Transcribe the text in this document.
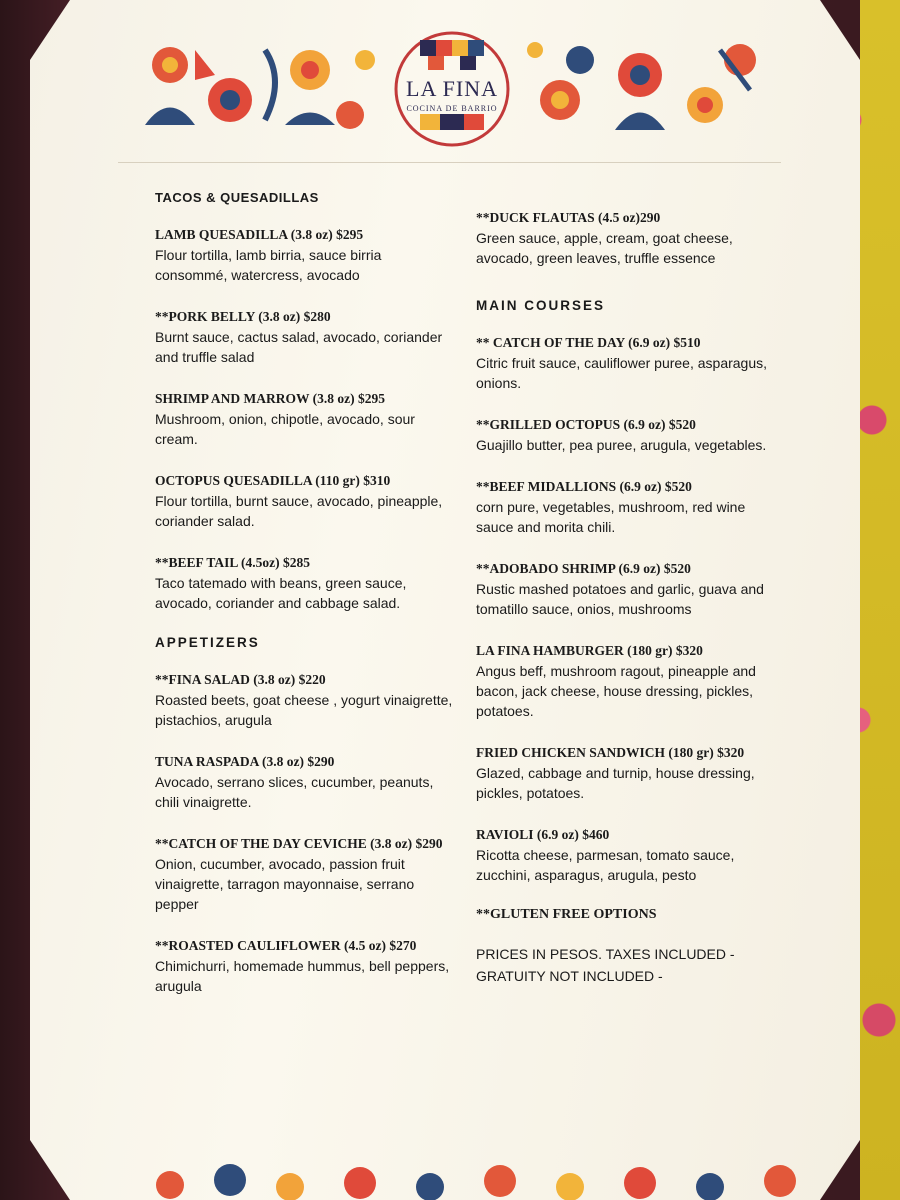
LA FINA
COCINA DE BARRIO
TACOS & QUESADILLAS
LAMB QUESADILLA (3.8 oz) $295
Flour tortilla, lamb birria, sauce birria consommé, watercress, avocado
**PORK BELLY (3.8 oz) $280
Burnt sauce, cactus salad, avocado, coriander and truffle salad
SHRIMP AND MARROW (3.8 oz) $295
Mushroom, onion, chipotle, avocado, sour cream.
OCTOPUS QUESADILLA (110 gr) $310
Flour tortilla, burnt sauce, avocado, pineapple, coriander salad.
**BEEF TAIL (4.5oz) $285
Taco tatemado with beans, green sauce, avocado, coriander and cabbage salad.
APPETIZERS
**FINA SALAD (3.8 oz) $220
Roasted beets, goat cheese , yogurt vinaigrette, pistachios, arugula
TUNA RASPADA (3.8 oz) $290
Avocado, serrano slices, cucumber, peanuts, chili vinaigrette.
**CATCH OF THE DAY CEVICHE (3.8 oz) $290
Onion, cucumber, avocado, passion fruit vinaigrette, tarragon mayonnaise, serrano pepper
**ROASTED CAULIFLOWER (4.5 oz) $270
Chimichurri, homemade hummus, bell peppers, arugula
**DUCK FLAUTAS (4.5 oz)290
Green sauce, apple, cream, goat cheese, avocado, green leaves, truffle essence
MAIN COURSES
** CATCH OF THE DAY (6.9 oz) $510
Citric fruit sauce, cauliflower puree, asparagus, onions.
**GRILLED OCTOPUS (6.9 oz) $520
Guajillo butter, pea puree, arugula, vegetables.
**BEEF MIDALLIONS (6.9 oz) $520
corn pure, vegetables, mushroom, red wine sauce and morita chili.
**ADOBADO SHRIMP (6.9 oz) $520
Rustic mashed potatoes and garlic, guava and tomatillo sauce, onios, mushrooms
LA FINA HAMBURGER (180 gr) $320
Angus beff, mushroom ragout, pineapple and bacon, jack cheese, house dressing, pickles, potatoes.
FRIED CHICKEN SANDWICH (180 gr) $320
Glazed, cabbage and turnip, house dressing, pickles, potatoes.
RAVIOLI (6.9 oz) $460
Ricotta cheese, parmesan, tomato sauce, zucchini, asparagus, arugula, pesto
**GLUTEN FREE OPTIONS
PRICES IN PESOS. TAXES INCLUDED - GRATUITY NOT INCLUDED -
